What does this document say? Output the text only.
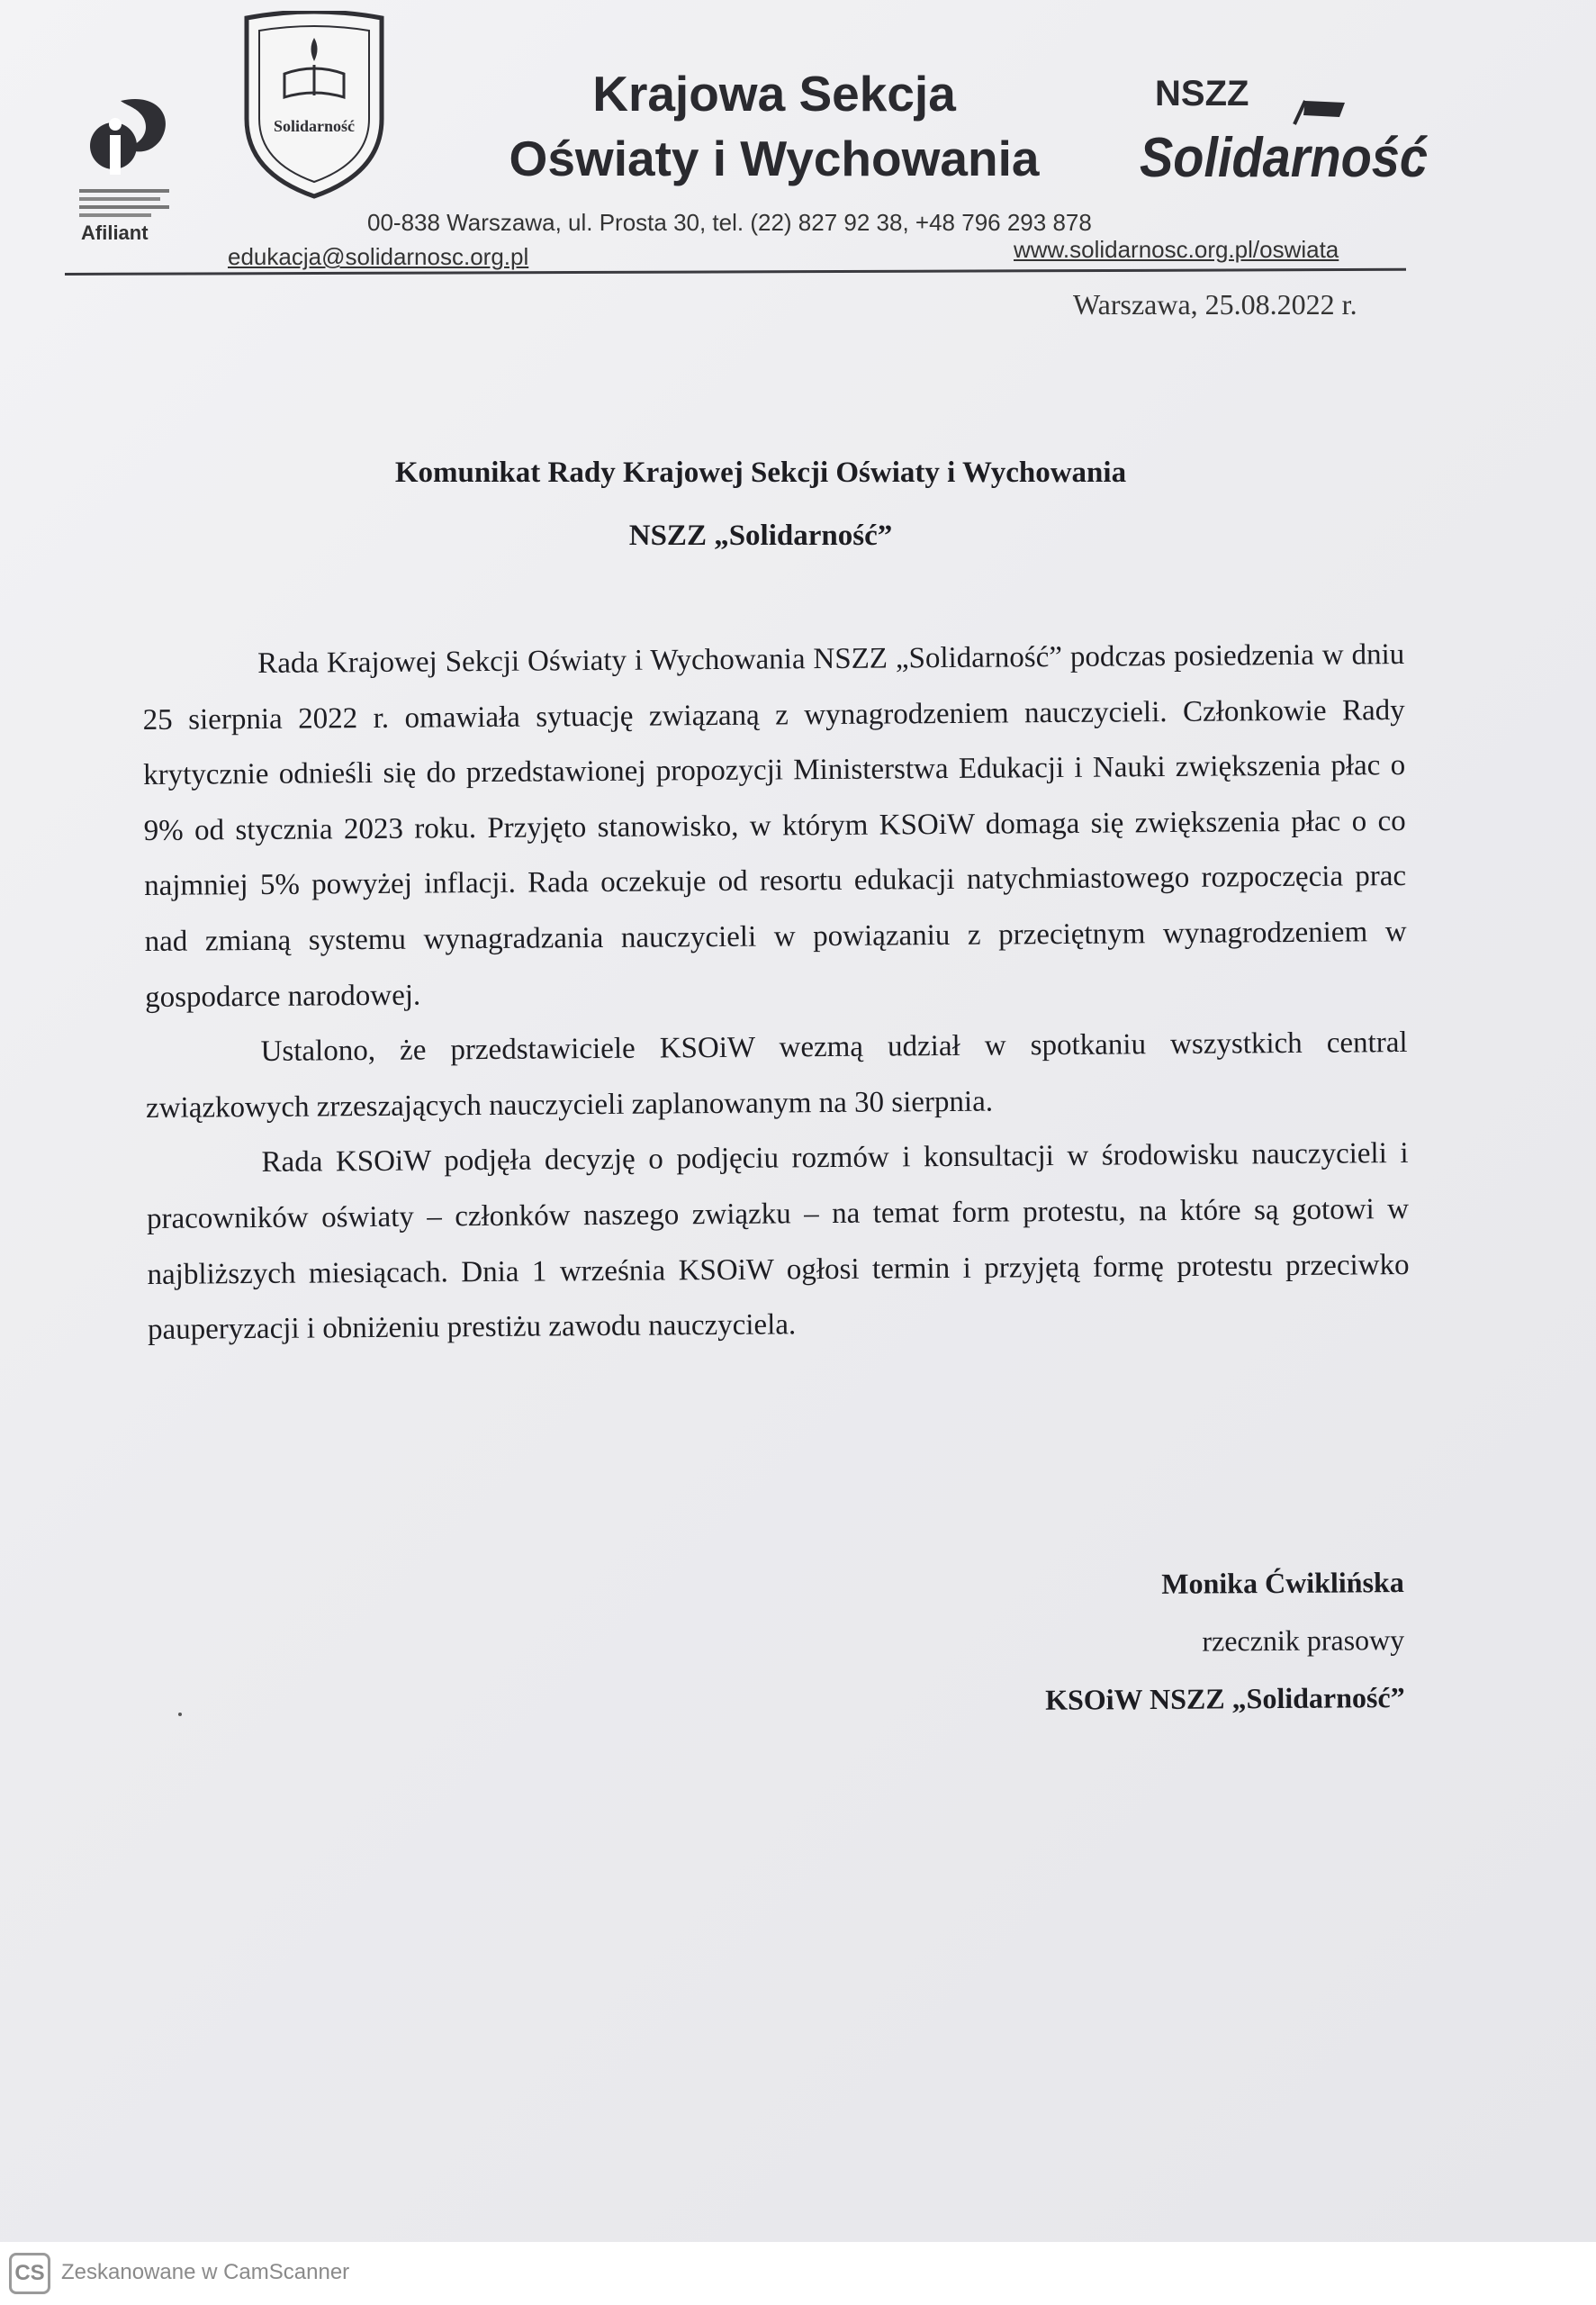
Afiliant
Solidarność
Krajowa Sekcja
Oświaty i Wychowania
NSZZ
Solidarność
00-838 Warszawa, ul. Prosta 30, tel. (22) 827 92 38, +48 796 293 878
edukacja@solidarnosc.org.pl	www.solidarnosc.org.pl/oswiata
Warszawa, 25.08.2022 r.
Komunikat Rady Krajowej Sekcji Oświaty i Wychowania
NSZZ „Solidarność”

Rada Krajowej Sekcji Oświaty i Wychowania NSZZ „Solidarność” podczas posiedzenia w dniu 25 sierpnia 2022 r. omawiała sytuację związaną z wynagrodzeniem nauczycieli. Członkowie Rady krytycznie odnieśli się do przedstawionej propozycji Ministerstwa Edukacji i Nauki zwiększenia płac o 9% od stycznia 2023 roku. Przyjęto stanowisko, w którym KSOiW domaga się zwiększenia płac o co najmniej 5% powyżej inflacji. Rada oczekuje od resortu edukacji natychmiastowego rozpoczęcia prac nad zmianą systemu wynagradzania nauczycieli w powiązaniu z przeciętnym wynagrodzeniem w gospodarce narodowej.

Ustalono, że przedstawiciele KSOiW wezmą udział w spotkaniu wszystkich central związkowych zrzeszających nauczycieli zaplanowanym na 30 sierpnia.

Rada KSOiW podjęła decyzję o podjęciu rozmów i konsultacji w środowisku nauczycieli i pracowników oświaty – członków naszego związku – na temat form protestu, na które są gotowi w najbliższych miesiącach. Dnia 1 września KSOiW ogłosi termin i przyjętą formę protestu przeciwko pauperyzacji i obniżeniu prestiżu zawodu nauczyciela.

Monika Ćwiklińska
rzecznik prasowy
KSOiW NSZZ „Solidarność”
CS Zeskanowane w CamScanner
